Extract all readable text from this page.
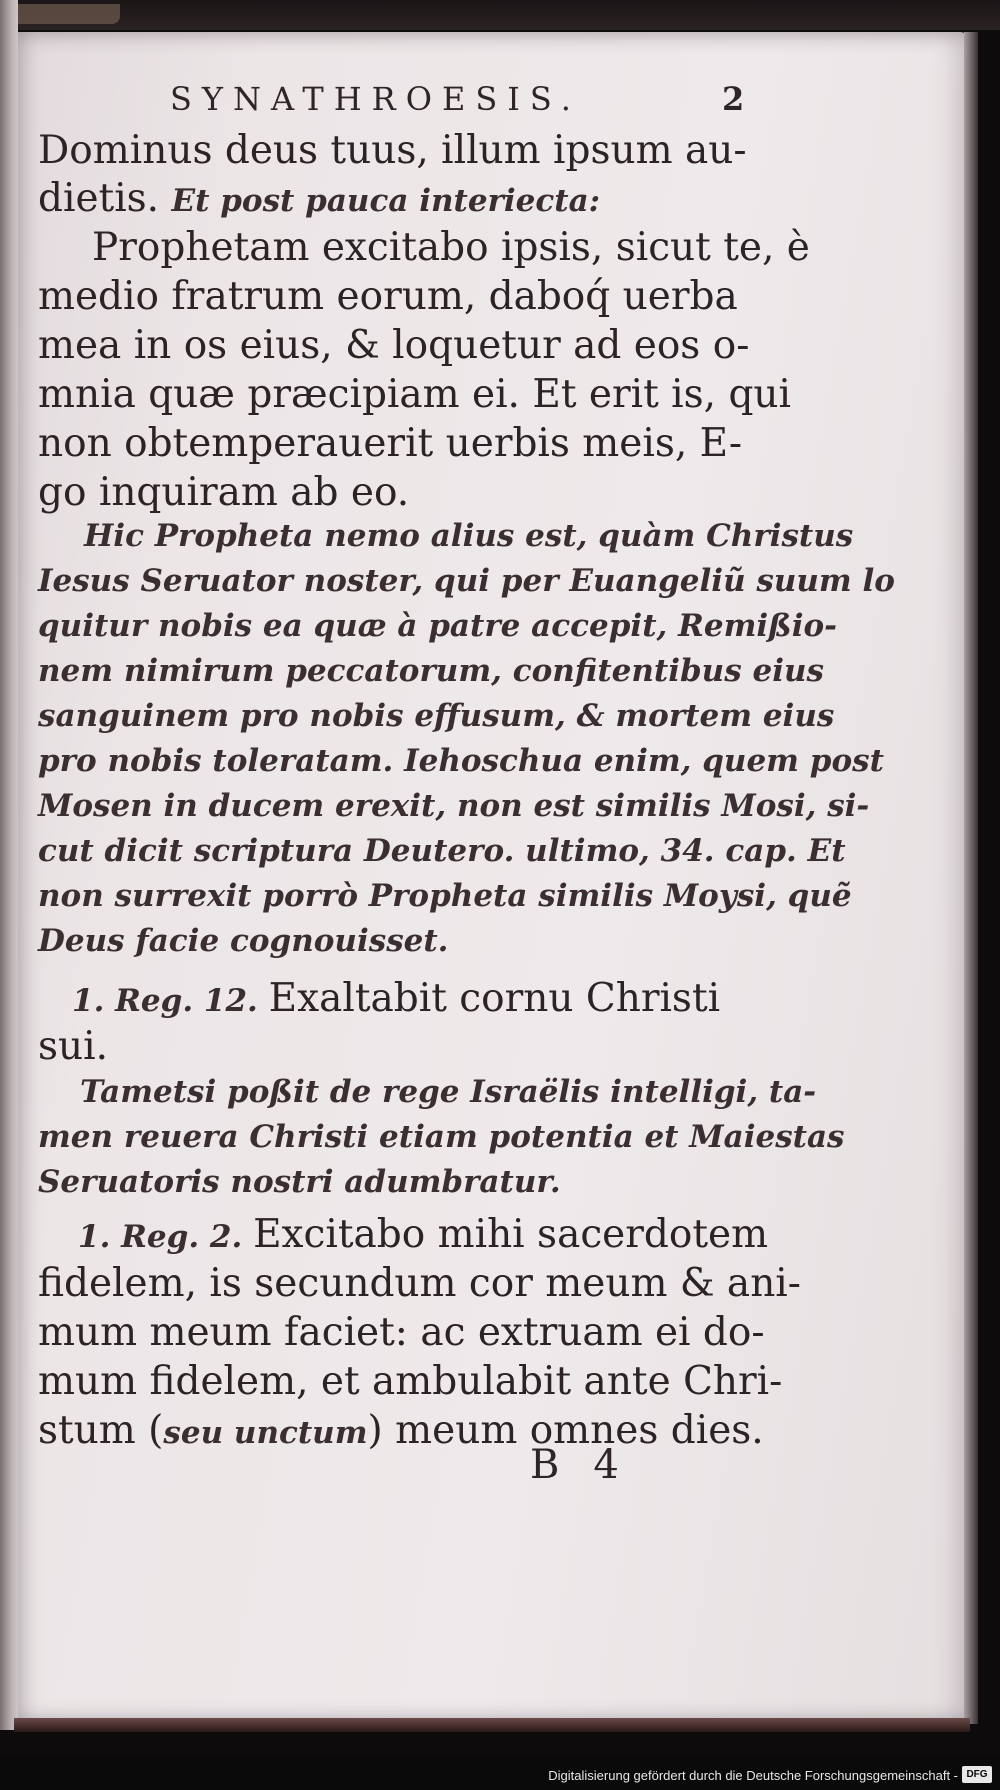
SYNATHROESIS.	2
Dominus deus tuus, illum ipsum au-
dietis. Et post pauca interiecta:
Prophetam excitabo ipsis, sicut te, è
medio fratrum eorum, daboq́ uerba
mea in os eius, & loquetur ad eos o-
mnia quæ præcipiam ei. Et erit is, qui
non obtemperauerit uerbis meis, E-
go inquiram ab eo.
Hic Propheta nemo alius est, quàm Christus
Iesus Seruator noster, qui per Euangeliũ suum lo
quitur nobis ea quæ à patre accepit, Remißio-
nem nimirum peccatorum, confitentibus eius
sanguinem pro nobis effusum, & mortem eius
pro nobis toleratam. Iehoschua enim, quem post
Mosen in ducem erexit, non est similis Mosi, si-
cut dicit scriptura Deutero. ultimo, 34. cap. Et
non surrexit porrò Propheta similis Moysi, quẽ
Deus facie cognouisset.
1. Reg. 12. Exaltabit cornu Christi
sui.
Tametsi poßit de rege Israëlis intelligi, ta-
men reuera Christi etiam potentia et Maiestas
Seruatoris nostri adumbratur.
1. Reg. 2. Excitabo mihi sacerdotem
fidelem, is secundum cor meum & ani-
mum meum faciet: ac extruam ei do-
mum fidelem, et ambulabit ante Chri-
stum (seu unctum) meum omnes dies.
B 4
Digitalisierung gefördert durch die Deutsche Forschungsgemeinschaft - DFG
